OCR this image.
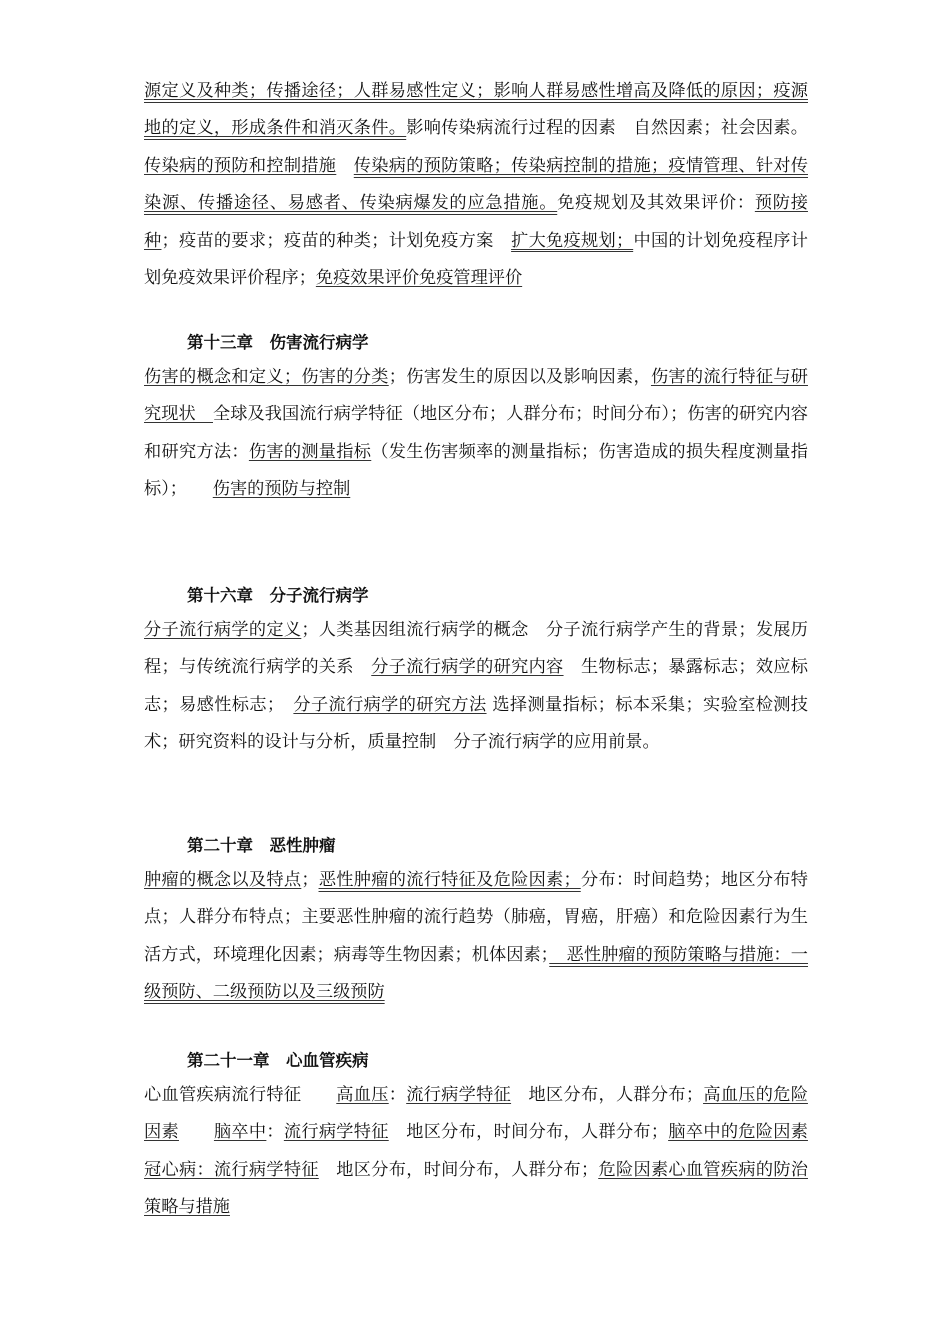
源定义及种类；传播途径；人群易感性定义；影响人群易感性增高及降低的原因；疫源地的定义，形成条件和消灭条件。影响传染病流行过程的因素　自然因素；社会因素。传染病的预防和控制措施　 传染病的预防策略；传染病控制的措施；疫情管理、针对传染源、传播途径、易感者、传染病爆发的应急措施。免疫规划及其效果评价：预防接种；疫苗的要求；疫苗的种类；计划免疫方案　扩大免疫规划；中国的计划免疫程序计划免疫效果评价程序；免疫效果评价免疫管理评价
第十三章　伤害流行病学
伤害的概念和定义；伤害的分类；伤害发生的原因以及影响因素，伤害的流行特征与研究现状　全球及我国流行病学特征（地区分布；人群分布；时间分布）；伤害的研究内容和研究方法：伤害的测量指标（发生伤害频率的测量指标；伤害造成的损失程度测量指标）；　　伤害的预防与控制
第十六章　分子流行病学
分子流行病学的定义；人类基因组流行病学的概念　分子流行病学产生的背景；发展历程；与传统流行病学的关系　分子流行病学的研究内容　生物标志；暴露标志；效应标志；易感性标志；　分子流行病学的研究方法 选择测量指标；标本采集；实验室检测技术；研究资料的设计与分析，质量控制　分子流行病学的应用前景。
第二十章　恶性肿瘤
肿瘤的概念以及特点；恶性肿瘤的流行特征及危险因素；分布：时间趋势；地区分布特点；人群分布特点；主要恶性肿瘤的流行趋势（肺癌，胃癌，肝癌）和危险因素行为生活方式，环境理化因素；病毒等生物因素；机体因素；　恶性肿瘤的预防策略与措施：一级预防、二级预防以及三级预防
第二十一章　心血管疾病
心血管疾病流行特征　　高血压：流行病学特征　地区分布，人群分布；高血压的危险因素　　 脑卒中：流行病学特征　地区分布，时间分布，人群分布；脑卒中的危险因素　冠心病：流行病学特征　地区分布，时间分布，人群分布；危险因素心血管疾病的防治策略与措施
